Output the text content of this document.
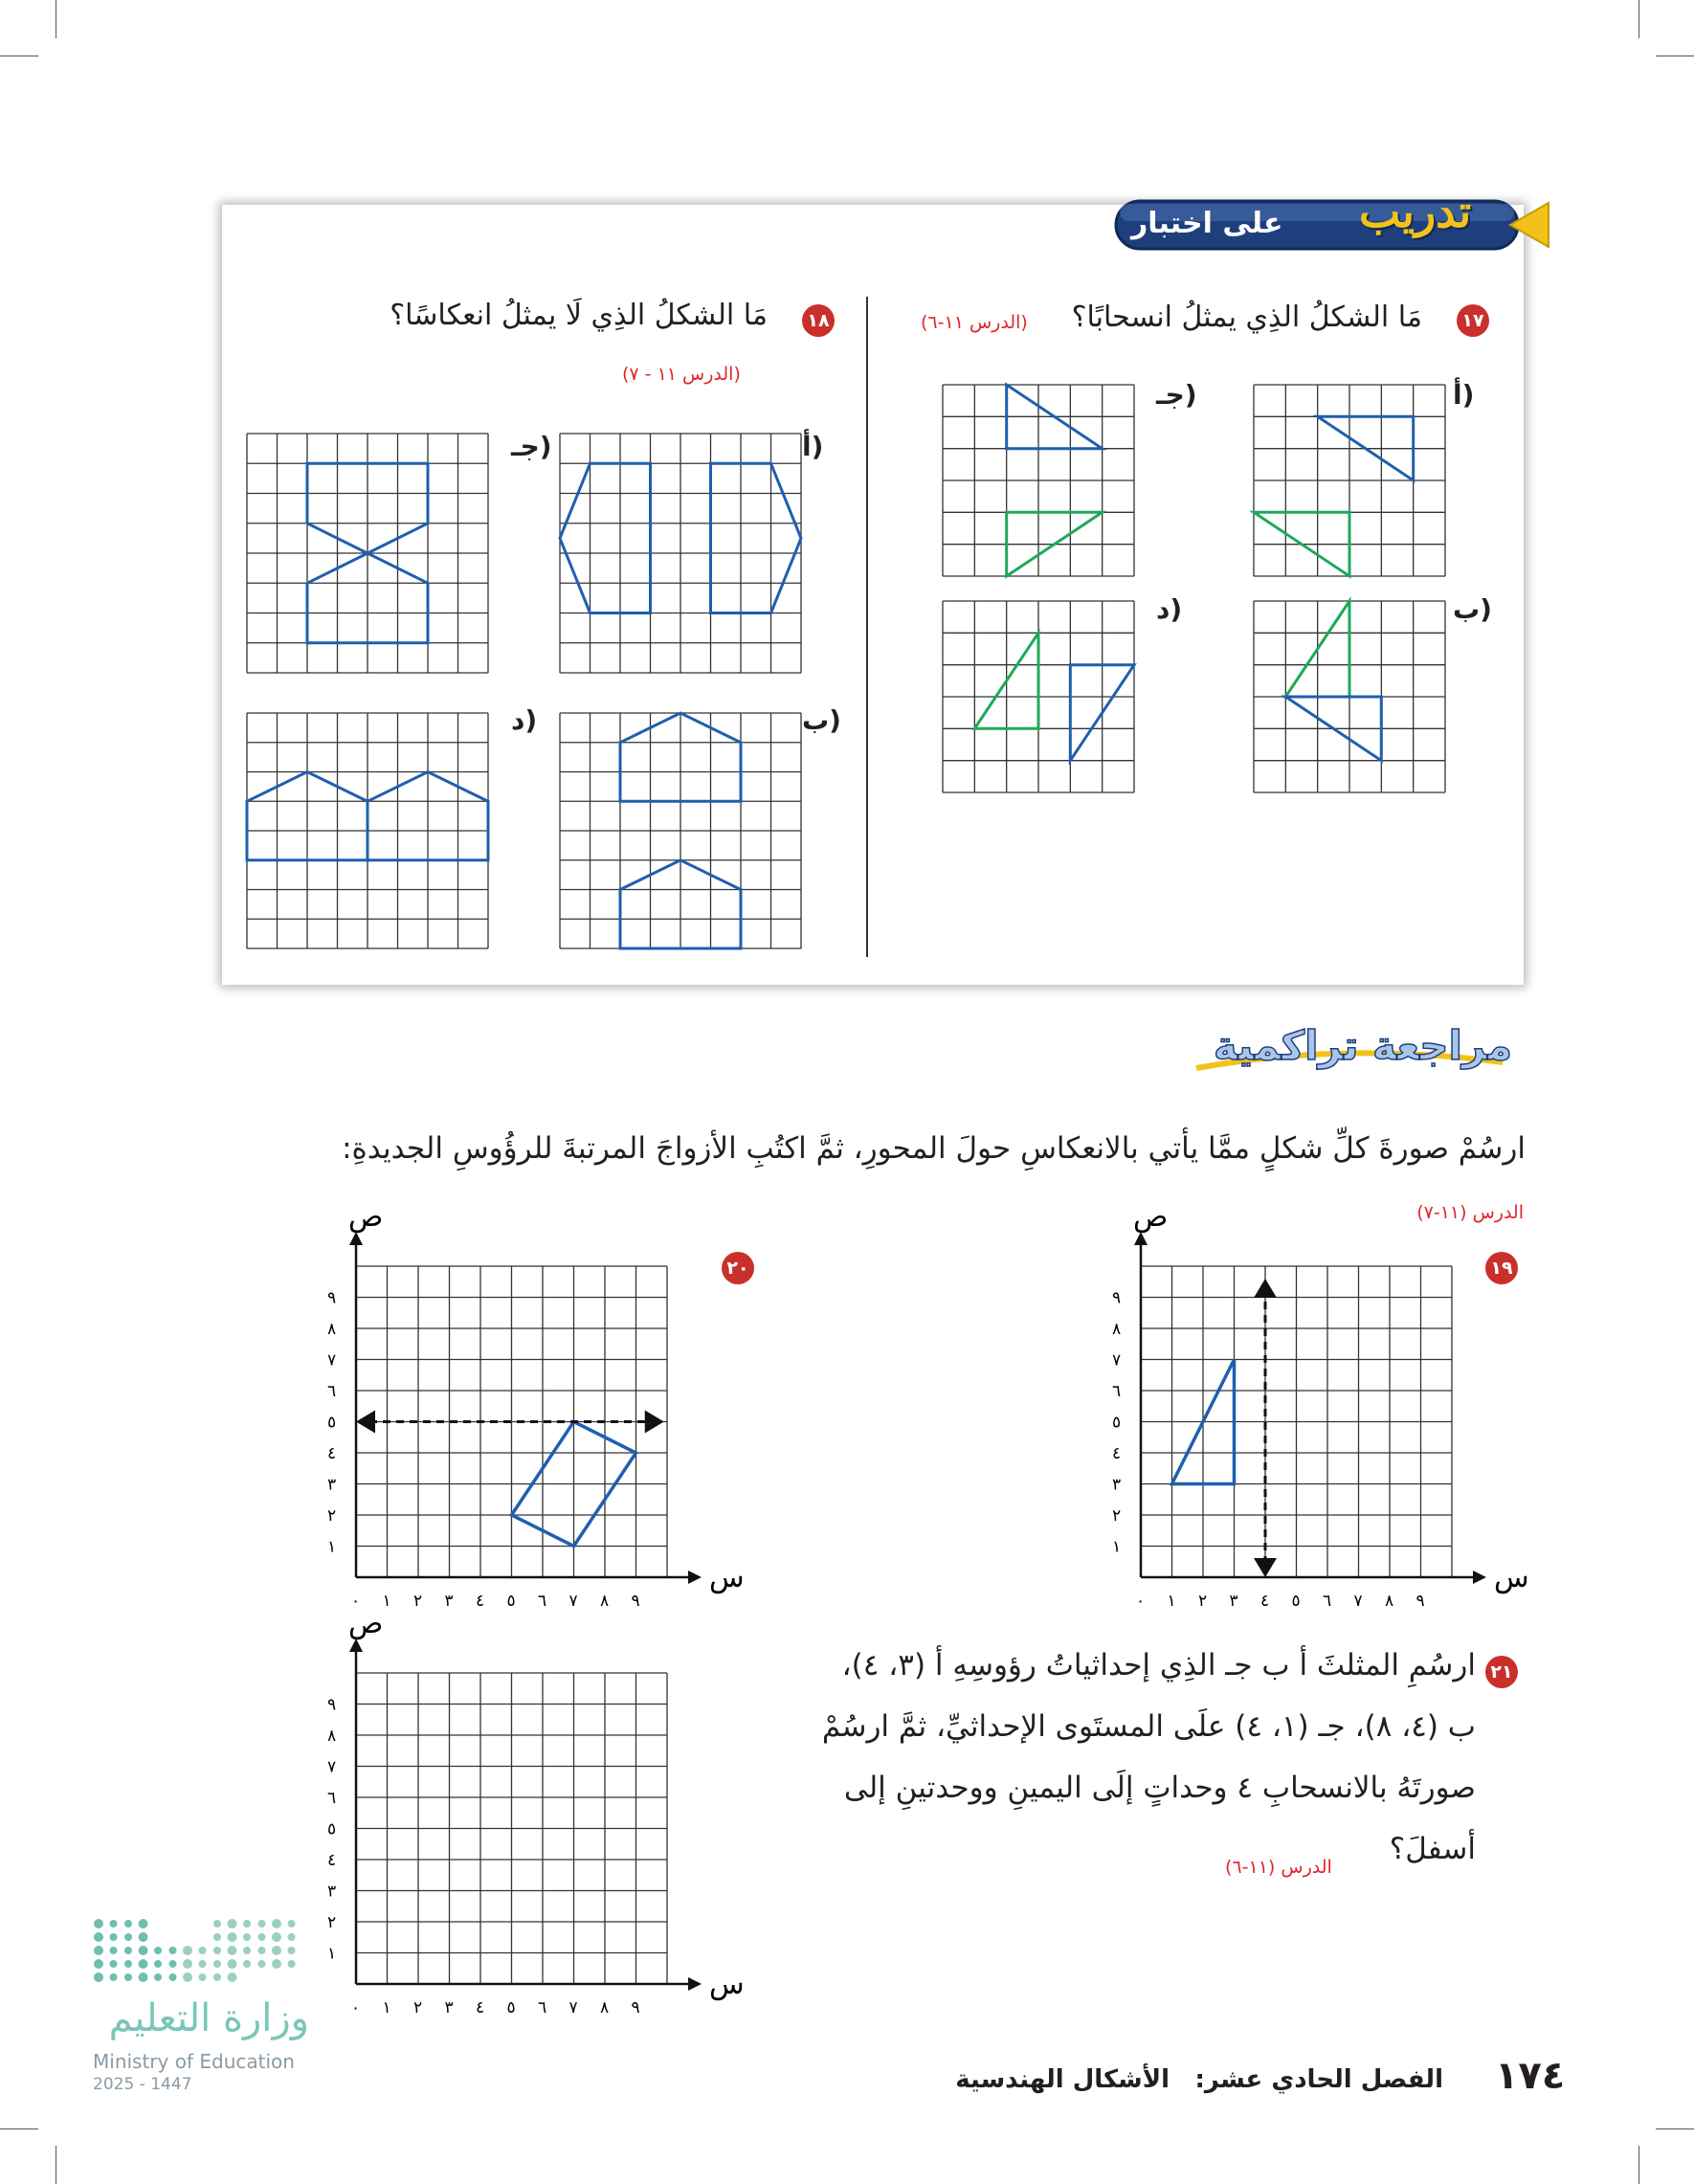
تدريب
على اختبار
١٧
مَا الشكلُ الذِي يمثلُ انسحابًا؟
(الدرس ١١-٦)
أ)
ب)
جـ)
د)
١٨
مَا الشكلُ الذِي لَا يمثلُ انعكاسًا؟
(الدرس ١١ - ٧)
أ)
ب)
جـ)
د)
مراجعة تراكمية
ارسُمْ صورةَ كلِّ شكلٍ ممَّا يأتي بالانعكاسِ حولَ المحورِ، ثمَّ اكتُبِ الأزواجَ المرتبةَ للرؤُوسِ الجديدةِ:
الدرس (١١-٧)
١٩
س
ص
٠ ١
١
٢
٢
٣
٣
٤
٤
٥
٥
٦
٦
٧
٧
٨
٨
٩
٩
٢٠
س
ص
٠ ١
١
٢
٢
٣
٣
٤
٤
٥
٥
٦
٦
٧
٧
٨
٨
٩
٩
٢١
ارسُمِ المثلثَ أ ب جـ الذِي إحداثياتُ رؤوسِهِ أ (٣، ٤)،
ب (٤، ٨)، جـ (١، ٤) علَى المستَوى الإحداثيِّ، ثمَّ ارسُمْ
صورتَهُ بالانسحابِ ٤ وحداتٍ إلَى اليمينِ ووحدتينِ إلى
أسفلَ؟
الدرس (١١-٦)
س
ص
٠ ١
١
٢
٢
٣
٣
٤
٤
٥
٥
٦
٦
٧
٧
٨
٨
٩
٩
وزارة التعليم
Ministry of Education
2025 - 1447	١٧٤
الفصل الحادي عشر:
الأشكال الهندسية
